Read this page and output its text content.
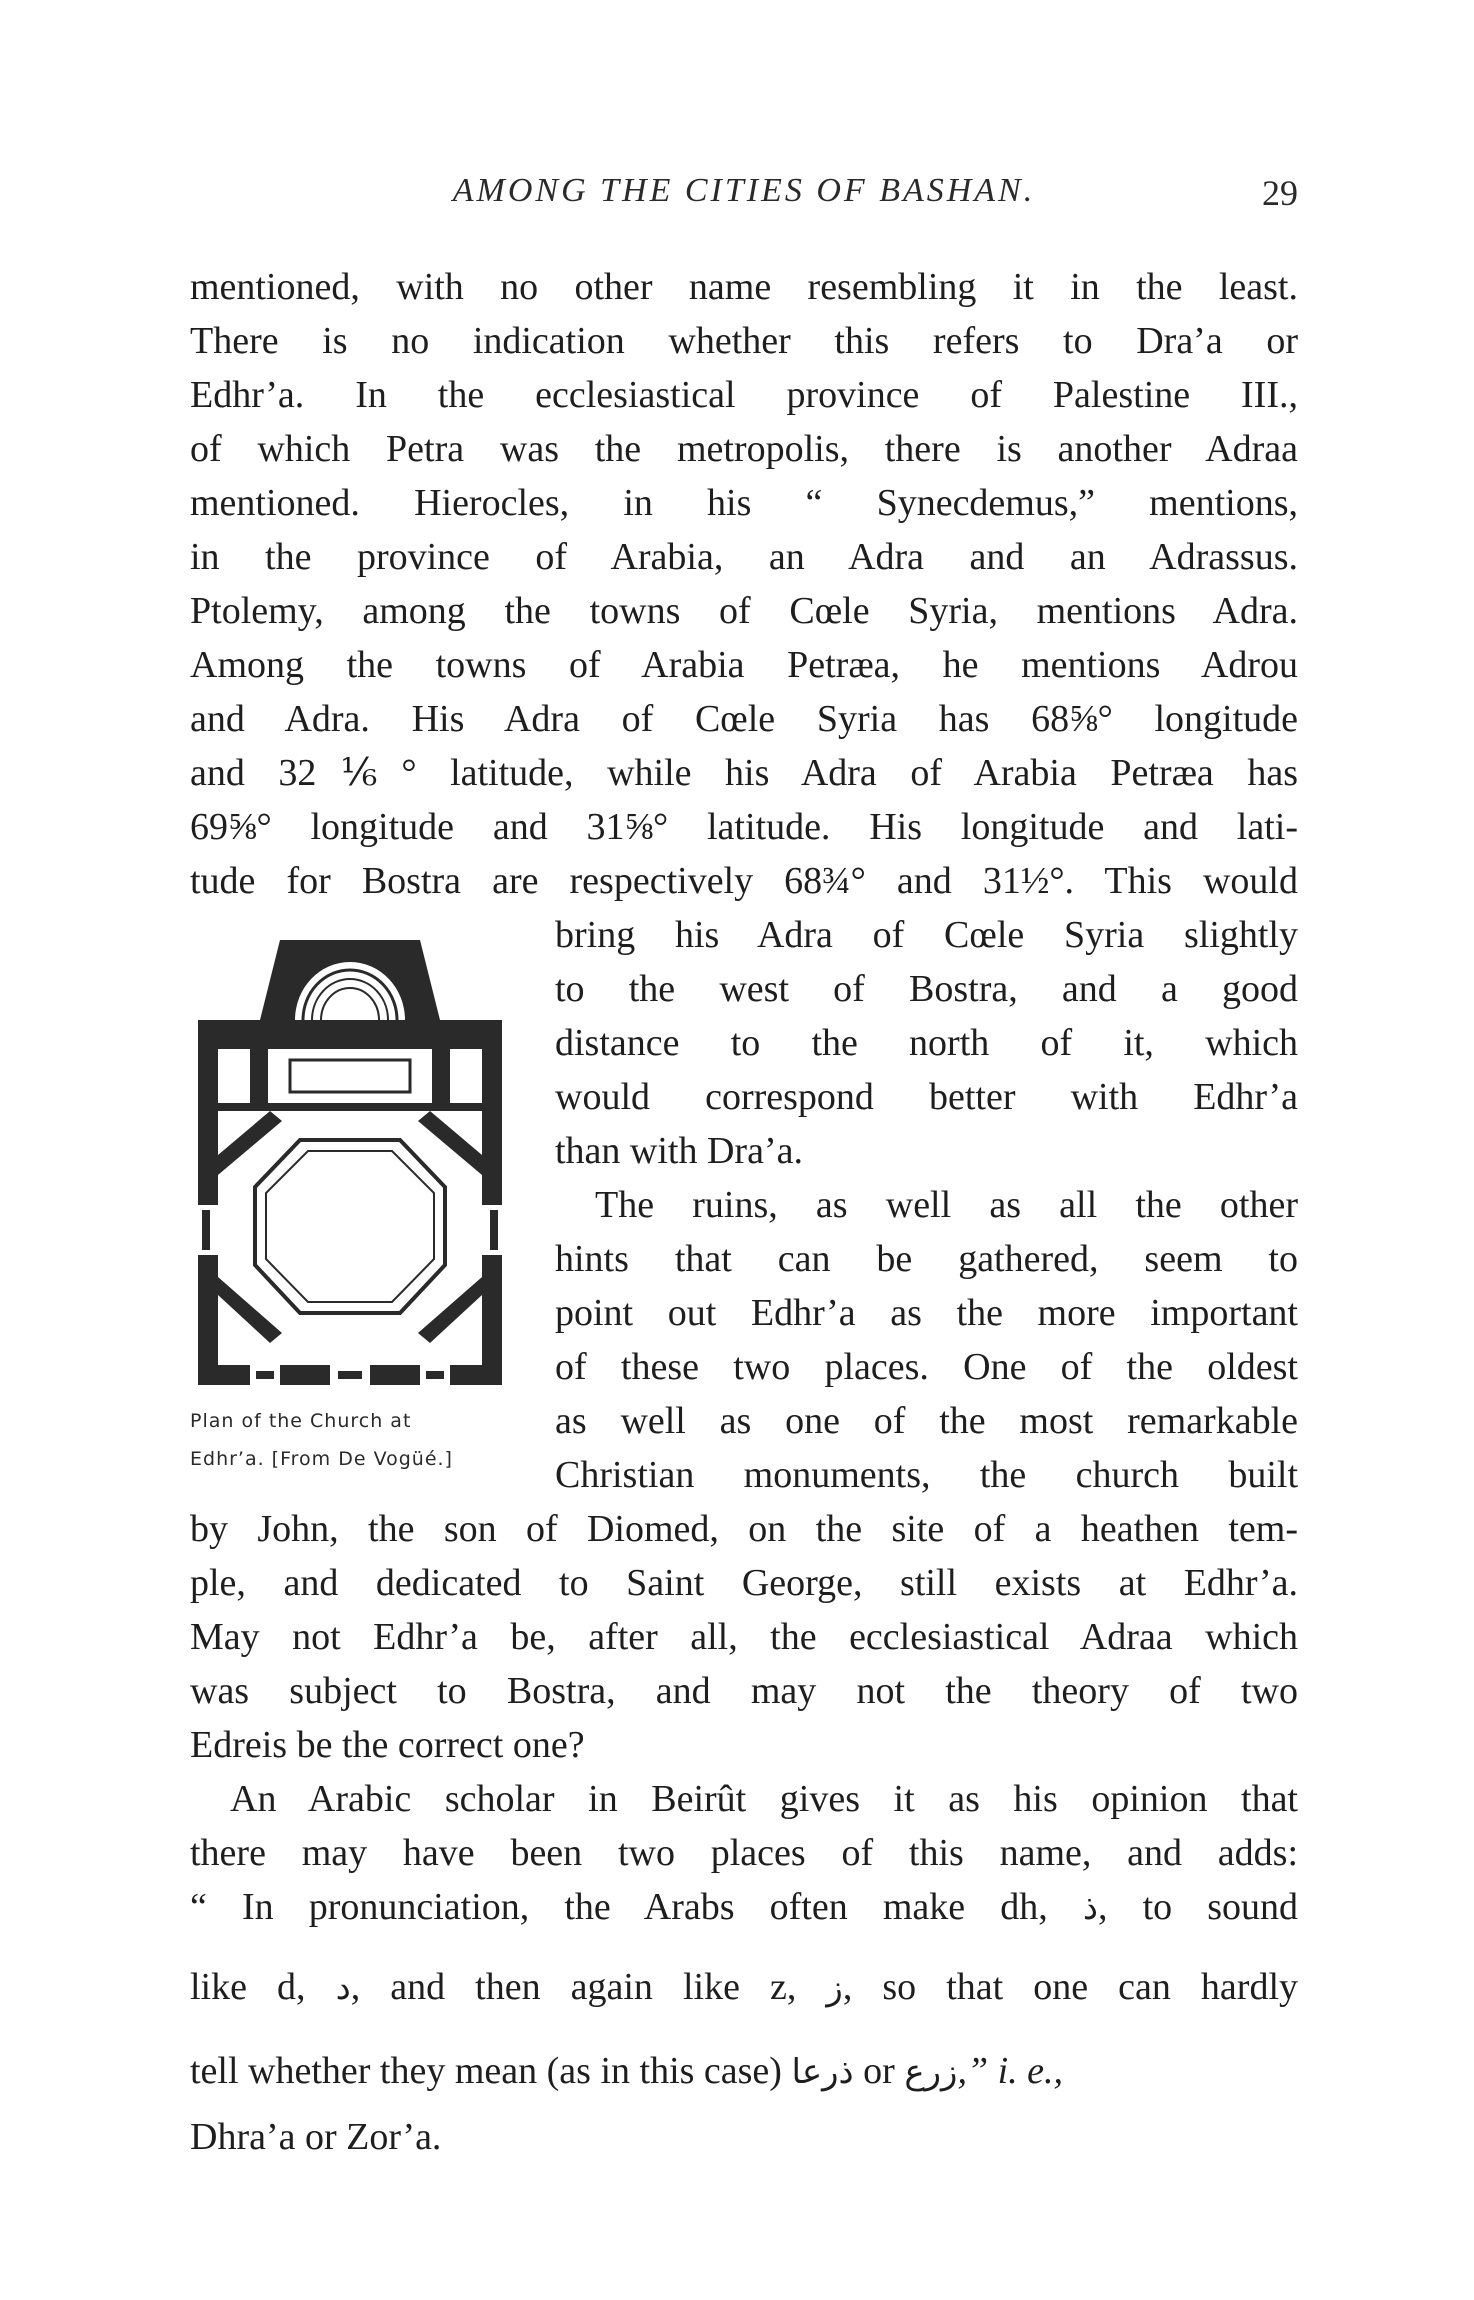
AMONG THE CITIES OF BASHAN.	29
mentioned, with no other name resembling it in the least.
There is no indication whether this refers to Dra’a or
Edhr’a. In the ecclesiastical province of Palestine III.,
of which Petra was the metropolis, there is another Adraa
mentioned. Hierocles, in his “ Synecdemus,” mentions,
in the province of Arabia, an Adra and an Adrassus.
Ptolemy, among the towns of Cœle Syria, mentions Adra.
Among the towns of Arabia Petræa, he mentions Adrou
and Adra. His Adra of Cœle Syria has 68⅝° longitude
and 32⅙° latitude, while his Adra of Arabia Petræa has
69⅝° longitude and 31⅝° latitude. His longitude and lati-
tude for Bostra are respectively 68¾° and 31½°. This would
bring his Adra of Cœle Syria slightly
to the west of Bostra, and a good
distance to the north of it, which
would correspond better with Edhr’a
than with Dra’a.
The ruins, as well as all the other
hints that can be gathered, seem to
point out Edhr’a as the more important
of these two places. One of the oldest
as well as one of the most remarkable
Christian monuments, the church built
Plan of the Church at
Edhr’a. [From De Vogüé.]
by John, the son of Diomed, on the site of a heathen tem-
ple, and dedicated to Saint George, still exists at Edhr’a.
May not Edhr’a be, after all, the ecclesiastical Adraa which
was subject to Bostra, and may not the theory of two
Edreis be the correct one?
An Arabic scholar in Beirût gives it as his opinion that
there may have been two places of this name, and adds:
“ In pronunciation, the Arabs often make dh, ذ, to sound
like d, د, and then again like z, ز, so that one can hardly
tell whether they mean (as in this case) ذرعا or زرع,” i. e.,
Dhra’a or Zor’a.
